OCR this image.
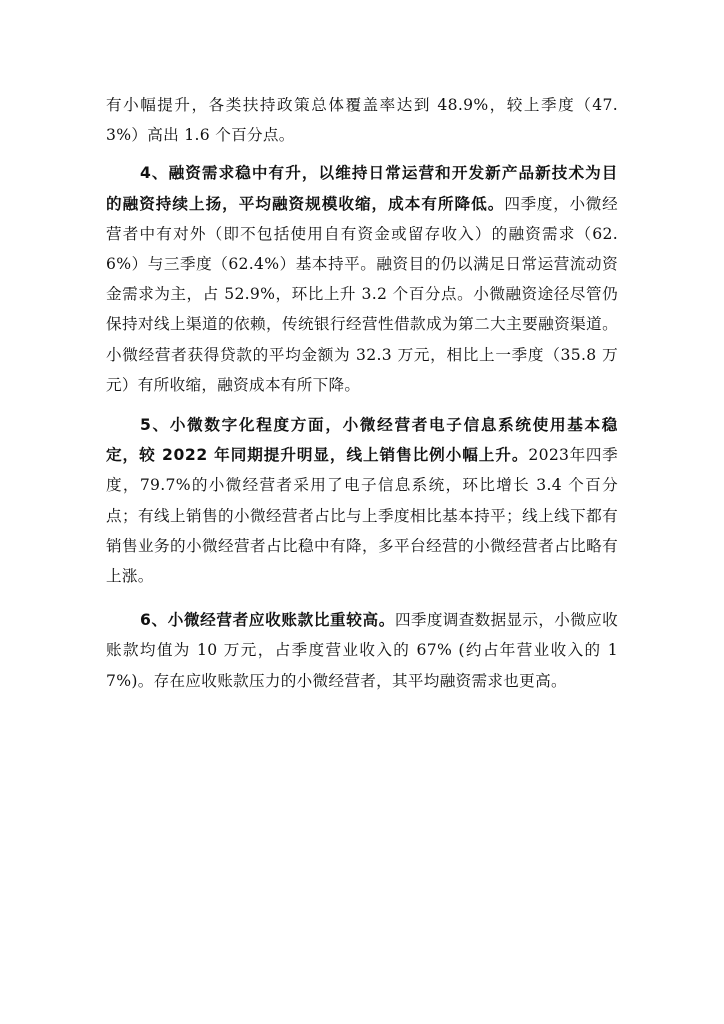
有小幅提升，各类扶持政策总体覆盖率达到 48.9%，较上季度（47.3%）高出 1.6 个百分点。

4、融资需求稳中有升，以维持日常运营和开发新产品新技术为目的融资持续上扬，平均融资规模收缩，成本有所降低。四季度，小微经营者中有对外（即不包括使用自有资金或留存收入）的融资需求（62.6%）与三季度（62.4%）基本持平。融资目的仍以满足日常运营流动资金需求为主，占 52.9%，环比上升 3.2 个百分点。小微融资途径尽管仍保持对线上渠道的依赖，传统银行经营性借款成为第二大主要融资渠道。小微经营者获得贷款的平均金额为 32.3 万元，相比上一季度（35.8 万元）有所收缩，融资成本有所下降。

5、小微数字化程度方面，小微经营者电子信息系统使用基本稳定，较 2022 年同期提升明显，线上销售比例小幅上升。2023年四季度，79.7%的小微经营者采用了电子信息系统，环比增长 3.4 个百分点；有线上销售的小微经营者占比与上季度相比基本持平；线上线下都有销售业务的小微经营者占比稳中有降，多平台经营的小微经营者占比略有上涨。

6、小微经营者应收账款比重较高。四季度调查数据显示，小微应收账款均值为 10 万元，占季度营业收入的 67% (约占年营业收入的 17%)。存在应收账款压力的小微经营者，其平均融资需求也更高。
